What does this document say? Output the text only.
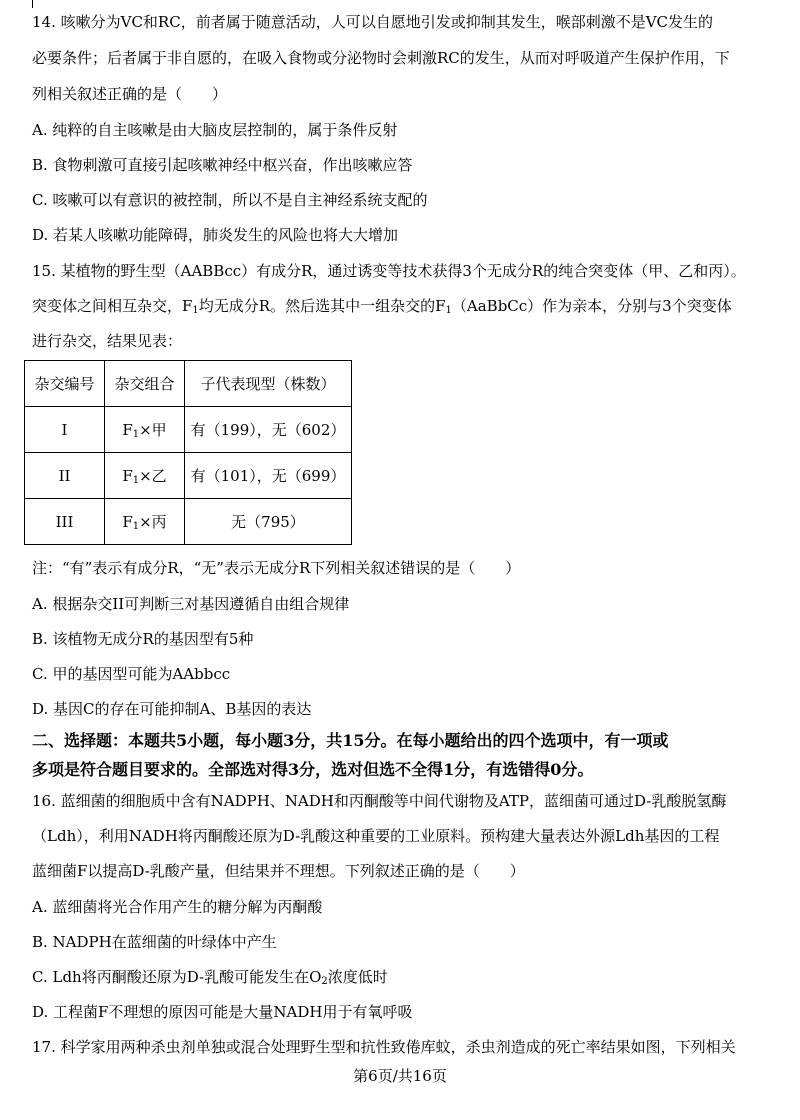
14. 咳嗽分为VC和RC，前者属于随意活动，人可以自愿地引发或抑制其发生，喉部刺激不是VC发生的
必要条件；后者属于非自愿的，在吸入食物或分泌物时会刺激RC的发生，从而对呼吸道产生保护作用，下
列相关叙述正确的是（　　）
A. 纯粹的自主咳嗽是由大脑皮层控制的，属于条件反射
B. 食物刺激可直接引起咳嗽神经中枢兴奋，作出咳嗽应答
C. 咳嗽可以有意识的被控制，所以不是自主神经系统支配的
D. 若某人咳嗽功能障碍，肺炎发生的风险也将大大增加
15. 某植物的野生型（AABBcc）有成分R，通过诱变等技术获得3个无成分R的纯合突变体（甲、乙和丙）。
突变体之间相互杂交，$F_1$均无成分R。然后选其中一组杂交的$F_1(AaBbCc)$作为亲本，分别与3个突变体
进行杂交，结果见表：
杂交编号	杂交组合	子代表现型（株数）
I	$F_1\times$甲	有（199），无（602）
II	$F_1\times$乙	有（101），无（699）
III	$F_1\times$丙	无（795）
注：“有”表示有成分R，“无”表示无成分R下列相关叙述错误的是（　　）
A. 根据杂交II可判断三对基因遵循自由组合规律
B. 该植物无成分R的基因型有5种
C. 甲的基因型可能为AAbbcc
D. 基因C的存在可能抑制A、B基因的表达
二、选择题：本题共5小题，每小题3分，共15分。在每小题给出的四个选项中，有一项或
多项是符合题目要求的。全部选对得3分，选对但选不全得1分，有选错得0分。
16. 蓝细菌的细胞质中含有NADPH、NADH和丙酮酸等中间代谢物及ATP，蓝细菌可通过D-乳酸脱氢酶
（Ldh），利用NADH将丙酮酸还原为D-乳酸这种重要的工业原料。预构建大量表达外源Ldh基因的工程
蓝细菌F以提高D-乳酸产量，但结果并不理想。下列叙述正确的是（　　）
A. 蓝细菌将光合作用产生的糖分解为丙酮酸
B. NADPH在蓝细菌的叶绿体中产生
C. Ldh将丙酮酸还原为D-乳酸可能发生在$O_2$浓度低时
D. 工程菌F不理想的原因可能是大量NADH用于有氧呼吸
17. 科学家用两种杀虫剂单独或混合处理野生型和抗性致倦库蚊，杀虫剂造成的死亡率结果如图，下列相关
第6页/共16页
